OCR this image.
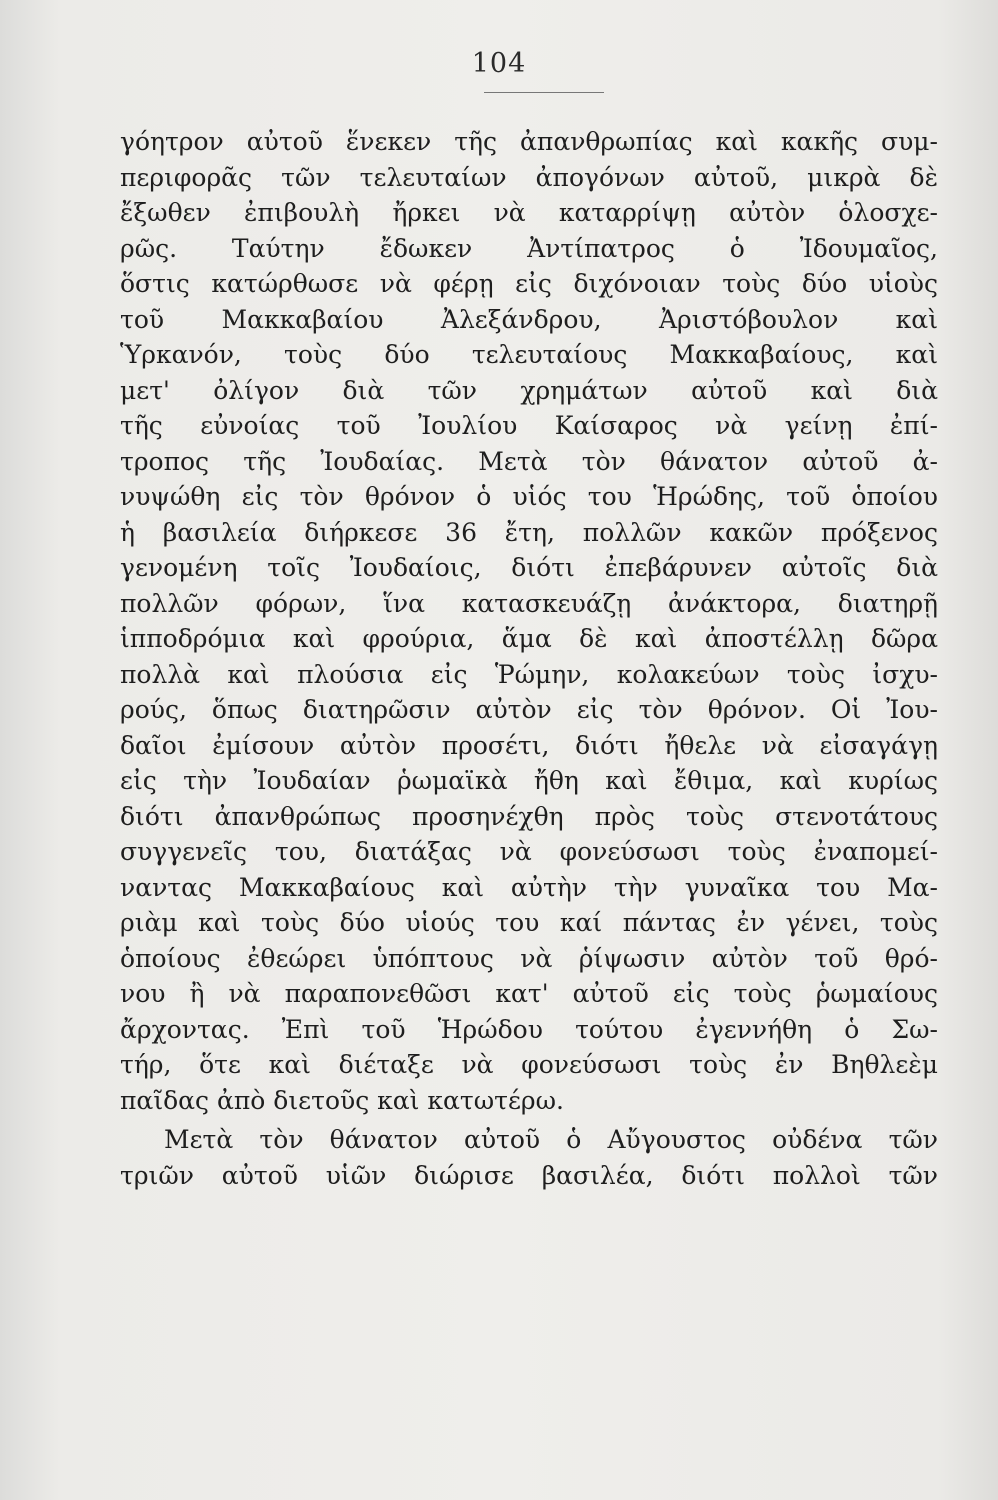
104
γόητρον αὐτοῦ ἕνεκεν τῆς ἀπανθρωπίας καὶ κακῆς συμ-
περιφορᾶς τῶν τελευταίων ἀπογόνων αὐτοῦ, μικρὰ δὲ
ἔξωθεν ἐπιβουλὴ ἤρκει νὰ καταρρίψῃ αὐτὸν ὁλοσχε-
ρῶς. Ταύτην ἔδωκεν Ἀντίπατρος ὁ Ἰδουμαῖος,
ὅστις κατώρθωσε νὰ φέρῃ εἰς διχόνοιαν τοὺς δύο υἱοὺς
τοῦ Μακκαβαίου Ἀλεξάνδρου, Ἀριστόβουλον καὶ
Ὑρκανόν, τοὺς δύο τελευταίους Μακκαβαίους, καὶ
μετ' ὀλίγον διὰ τῶν χρημάτων αὐτοῦ καὶ διὰ
τῆς εὐνοίας τοῦ Ἰουλίου Καίσαρος νὰ γείνῃ ἐπί-
τροπος τῆς Ἰουδαίας. Μετὰ τὸν θάνατον αὐτοῦ ἀ-
νυψώθη εἰς τὸν θρόνον ὁ υἱός του Ἡρώδης, τοῦ ὁποίου
ἡ βασιλεία διήρκεσε 36 ἔτη, πολλῶν κακῶν πρόξενος
γενομένη τοῖς Ἰουδαίοις, διότι ἐπεβάρυνεν αὐτοῖς διὰ
πολλῶν φόρων, ἵνα κατασκευάζῃ ἀνάκτορα, διατηρῇ
ἱπποδρόμια καὶ φρούρια, ἅμα δὲ καὶ ἀποστέλλῃ δῶρα
πολλὰ καὶ πλούσια εἰς Ῥώμην, κολακεύων τοὺς ἰσχυ-
ρούς, ὅπως διατηρῶσιν αὐτὸν εἰς τὸν θρόνον. Οἱ Ἰου-
δαῖοι ἐμίσουν αὐτὸν προσέτι, διότι ἤθελε νὰ εἰσαγάγῃ
εἰς τὴν Ἰουδαίαν ῥωμαϊκὰ ἤθη καὶ ἔθιμα, καὶ κυρίως
διότι ἀπανθρώπως προσηνέχθη πρὸς τοὺς στενοτάτους
συγγενεῖς του, διατάξας νὰ φονεύσωσι τοὺς ἐναπομεί-
ναντας Μακκαβαίους καὶ αὐτὴν τὴν γυναῖκα του Μα-
ριὰμ καὶ τοὺς δύο υἱούς του καί πάντας ἐν γένει, τοὺς
ὁποίους ἐθεώρει ὑπόπτους νὰ ῥίψωσιν αὐτὸν τοῦ θρό-
νου ἢ νὰ παραπονεθῶσι κατ' αὐτοῦ εἰς τοὺς ῥωμαίους
ἄρχοντας. Ἐπὶ τοῦ Ἡρώδου τούτου ἐγεννήθη ὁ Σω-
τήρ, ὅτε καὶ διέταξε νὰ φονεύσωσι τοὺς ἐν Βηθλεὲμ
παῖδας ἀπὸ διετοῦς καὶ κατωτέρω.
Μετὰ τὸν θάνατον αὐτοῦ ὁ Αὔγουστος οὐδένα τῶν
τριῶν αὐτοῦ υἱῶν διώρισε βασιλέα, διότι πολλοὶ τῶν
